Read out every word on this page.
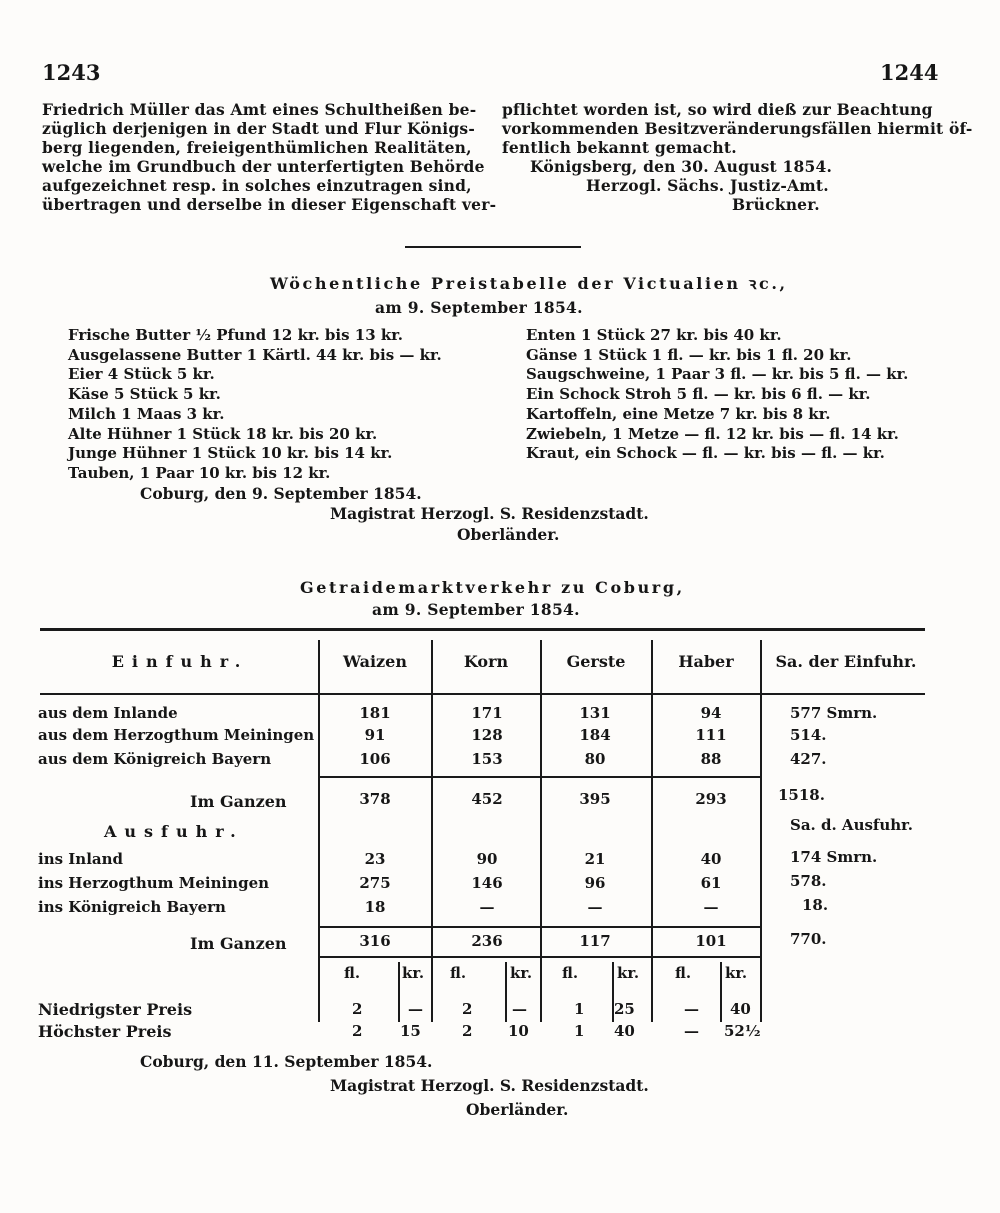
1243	1244
Friedrich Müller das Amt eines Schultheißen be-
züglich derjenigen in der Stadt und Flur Königs-
berg liegenden, freieigenthümlichen Realitäten,
welche im Grundbuch der unterfertigten Behörde
aufgezeichnet resp. in solches einzutragen sind,
übertragen und derselbe in dieser Eigenschaft ver-
pflichtet worden ist, so wird dieß zur Beachtung
vorkommenden Besitzveränderungsfällen hiermit öf-
fentlich bekannt gemacht.
Königsberg, den 30. August 1854.
Herzogl. Sächs. Justiz-Amt.
Brückner.
Wöchentliche Preistabelle der Victualien ꝛc.,
am 9. September 1854.
Frische Butter ½ Pfund 12 kr. bis 13 kr.
Ausgelassene Butter 1 Kärtl. 44 kr. bis — kr.
Eier 4 Stück 5 kr.
Käse 5 Stück 5 kr.
Milch 1 Maas 3 kr.
Alte Hühner 1 Stück 18 kr. bis 20 kr.
Junge Hühner 1 Stück 10 kr. bis 14 kr.
Tauben, 1 Paar 10 kr. bis 12 kr.
Enten 1 Stück 27 kr. bis 40 kr.
Gänse 1 Stück 1 fl. — kr. bis 1 fl. 20 kr.
Saugschweine, 1 Paar 3 fl. — kr. bis 5 fl. — kr.
Ein Schock Stroh 5 fl. — kr. bis 6 fl. — kr.
Kartoffeln, eine Metze 7 kr. bis 8 kr.
Zwiebeln, 1 Metze — fl. 12 kr. bis — fl. 14 kr.
Kraut, ein Schock — fl. — kr. bis — fl. — kr.
Coburg, den 9. September 1854.
Magistrat Herzogl. S. Residenzstadt.
Oberländer.
Getraidemarktverkehr zu Coburg,
am 9. September 1854.
Einfuhr.	Waizen	Korn	Gerste	Haber	Sa. der Einfuhr.
aus dem Inlande	181	171	131	94	577 Smrn.
aus dem Herzogthum Meiningen	91	128	184	111	514.
aus dem Königreich Bayern	106	153	80	88	427.
Im Ganzen	378	452	395	293	1518.
Ausfuhr.	Sa. d. Ausfuhr.
ins Inland	23	90	21	40	174 Smrn.
ins Herzogthum Meiningen	275	146	96	61	578.
ins Königreich Bayern	18	—	—	—	18.
Im Ganzen	316	236	117	101	770.
fl.	kr. fl.	kr. fl.	kr. fl. kr.
Niedrigster Preis	2	—	2	—	1 25	— 40
Höchster Preis	2	15	2 10	1 40	— 52½
Coburg, den 11. September 1854.
Magistrat Herzogl. S. Residenzstadt.
Oberländer.
